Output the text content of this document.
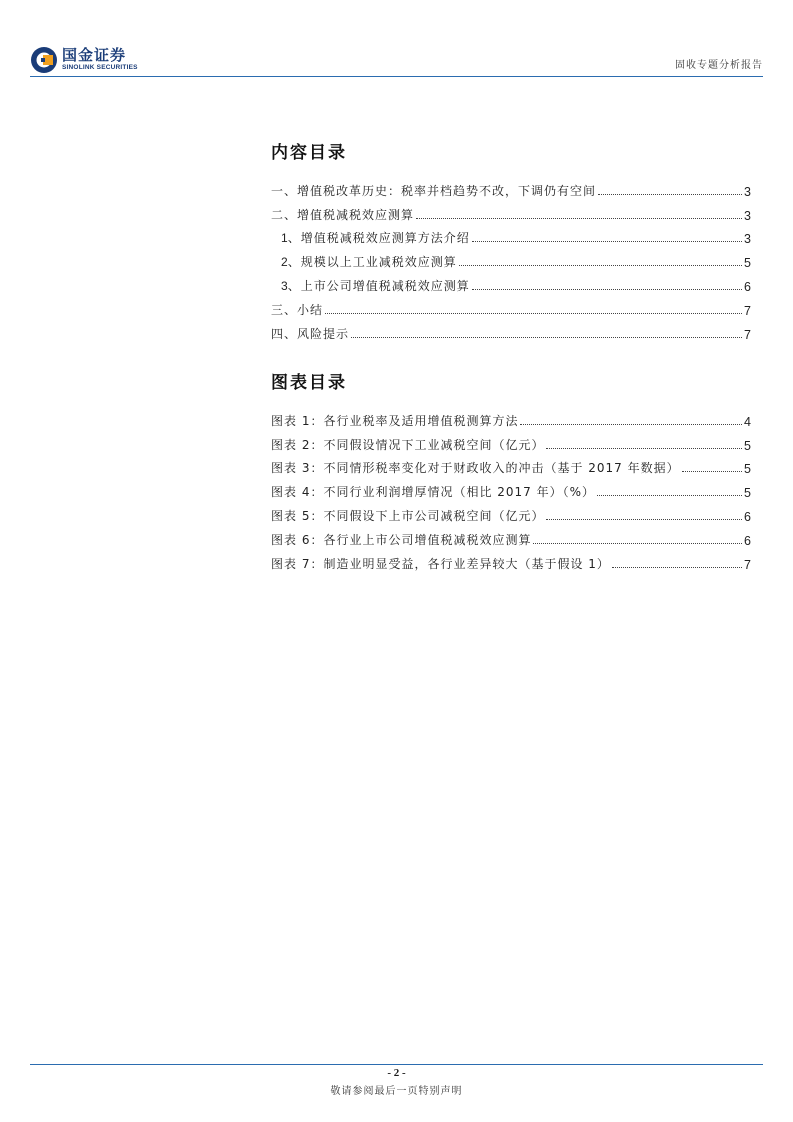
国金证券
SINOLINK SECURITIES	固收专题分析报告
内容目录
一、增值税改革历史：税率并档趋势不改，下调仍有空间	3
二、增值税减税效应测算	3
1、增值税减税效应测算方法介绍	3
2、规模以上工业减税效应测算	5
3、上市公司增值税减税效应测算	6
三、小结	7
四、风险提示	7
图表目录
图表 1：各行业税率及适用增值税测算方法	4
图表 2：不同假设情况下工业减税空间（亿元）	5
图表 3：不同情形税率变化对于财政收入的冲击（基于 2017 年数据）	5
图表 4：不同行业利润增厚情况（相比 2017 年）（%）	5
图表 5：不同假设下上市公司减税空间（亿元）	6
图表 6：各行业上市公司增值税减税效应测算	6
图表 7：制造业明显受益，各行业差异较大（基于假设 1）	7
- 2 -
敬请参阅最后一页特别声明
